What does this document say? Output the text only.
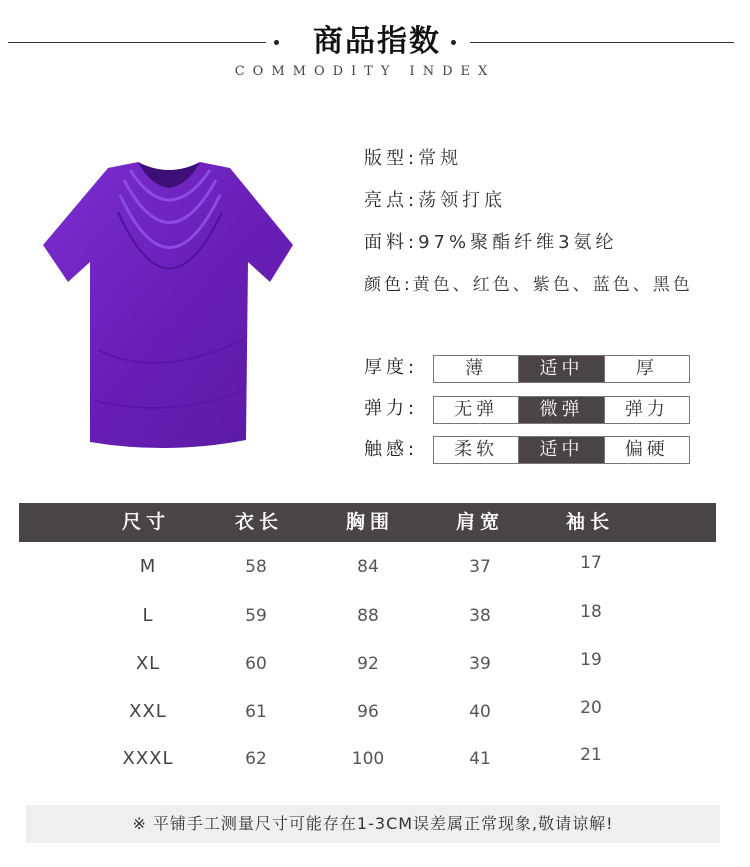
商品指数
COMMODITY INDEX
版型:常规
亮点:荡领打底
面料:97%聚酯纤维3氨纶
颜色:黄色、红色、紫色、蓝色、黑色
厚度:	薄	适中	厚
弹力:	无弹	微弹	弹力
触感:	柔软	适中	偏硬
尺寸	衣长	胸围	肩宽	袖长
M	58	84	37	17
L	59	88	38	18
XL	60	92	39	19
XXL	61	96	40	20
XXXL	62	100	41	21
※ 平铺手工测量尺寸可能存在1-3CM误差属正常现象,敬请谅解!
